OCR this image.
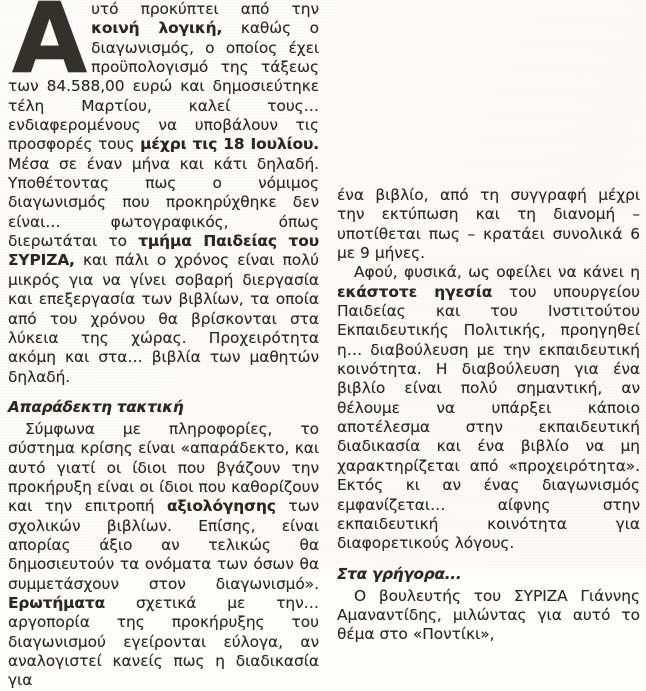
Αυτό προκύπτει από την κοινή λογική, καθώς ο διαγωνισμός, ο οποίος έχει προϋπολογισμό της τάξεως των 84.588,00 ευρώ και δημοσιεύτηκε τέλη Μαρτίου, καλεί τους… ενδιαφερομένους να υποβάλουν τις προσφορές τους μέχρι τις 18 Ιουλίου. Μέσα σε έναν μήνα και κάτι δηλαδή. Υποθέτοντας πως ο νόμιμος διαγωνισμός που προκηρύχθηκε δεν είναι… φωτογραφικός, όπως διερωτάται το τμήμα Παιδείας του ΣΥΡΙΖΑ, και πάλι ο χρόνος είναι πολύ μικρός για να γίνει σοβαρή διεργασία και επεξεργασία των βιβλίων, τα οποία από του χρόνου θα βρίσκονται στα λύκεια της χώρας. Προχειρότητα ακόμη και στα… βιβλία των μαθητών δηλαδή.

Απαράδεκτη τακτική

Σύμφωνα με πληροφορίες, το σύστημα κρίσης είναι «απαράδεκτο, και αυτό γιατί οι ίδιοι που βγάζουν την προκήρυξη είναι οι ίδιοι που καθορίζουν και την επιτροπή αξιολόγησης των σχολικών βιβλίων. Επίσης, είναι απορίας άξιο αν τελικώς θα δημοσιευτούν τα ονόματα των όσων θα συμμετάσχουν στον διαγωνισμό». Ερωτήματα σχετικά με την… αργοπορία της προκήρυξης του διαγωνισμού εγείρονται εύλογα, αν αναλογιστεί κανείς πως η διαδικασία για

ένα βιβλίο, από τη συγγραφή μέχρι την εκτύπωση και τη διανομή – υποτίθεται πως – κρατάει συνολικά 6 με 9 μήνες.

Αφού, φυσικά, ως οφείλει να κάνει η εκάστοτε ηγεσία του υπουργείου Παιδείας και του Ινστιτούτου Εκπαιδευτικής Πολιτικής, προηγηθεί η… διαβούλευση με την εκπαιδευτική κοινότητα. Η διαβούλευση για ένα βιβλίο είναι πολύ σημαντική, αν θέλουμε να υπάρξει κάποιο αποτέλεσμα στην εκπαιδευτική διαδικασία και ένα βιβλίο να μη χαρακτηρίζεται από «προχειρότητα». Εκτός κι αν ένας διαγωνισμός εμφανίζεται… αίφνης στην εκπαιδευτική κοινότητα για διαφορετικούς λόγους.

Στα γρήγορα...

Ο βουλευτής του ΣΥΡΙΖΑ Γιάννης Αμαναντίδης, μιλώντας για αυτό το θέμα στο «Ποντίκι»,
